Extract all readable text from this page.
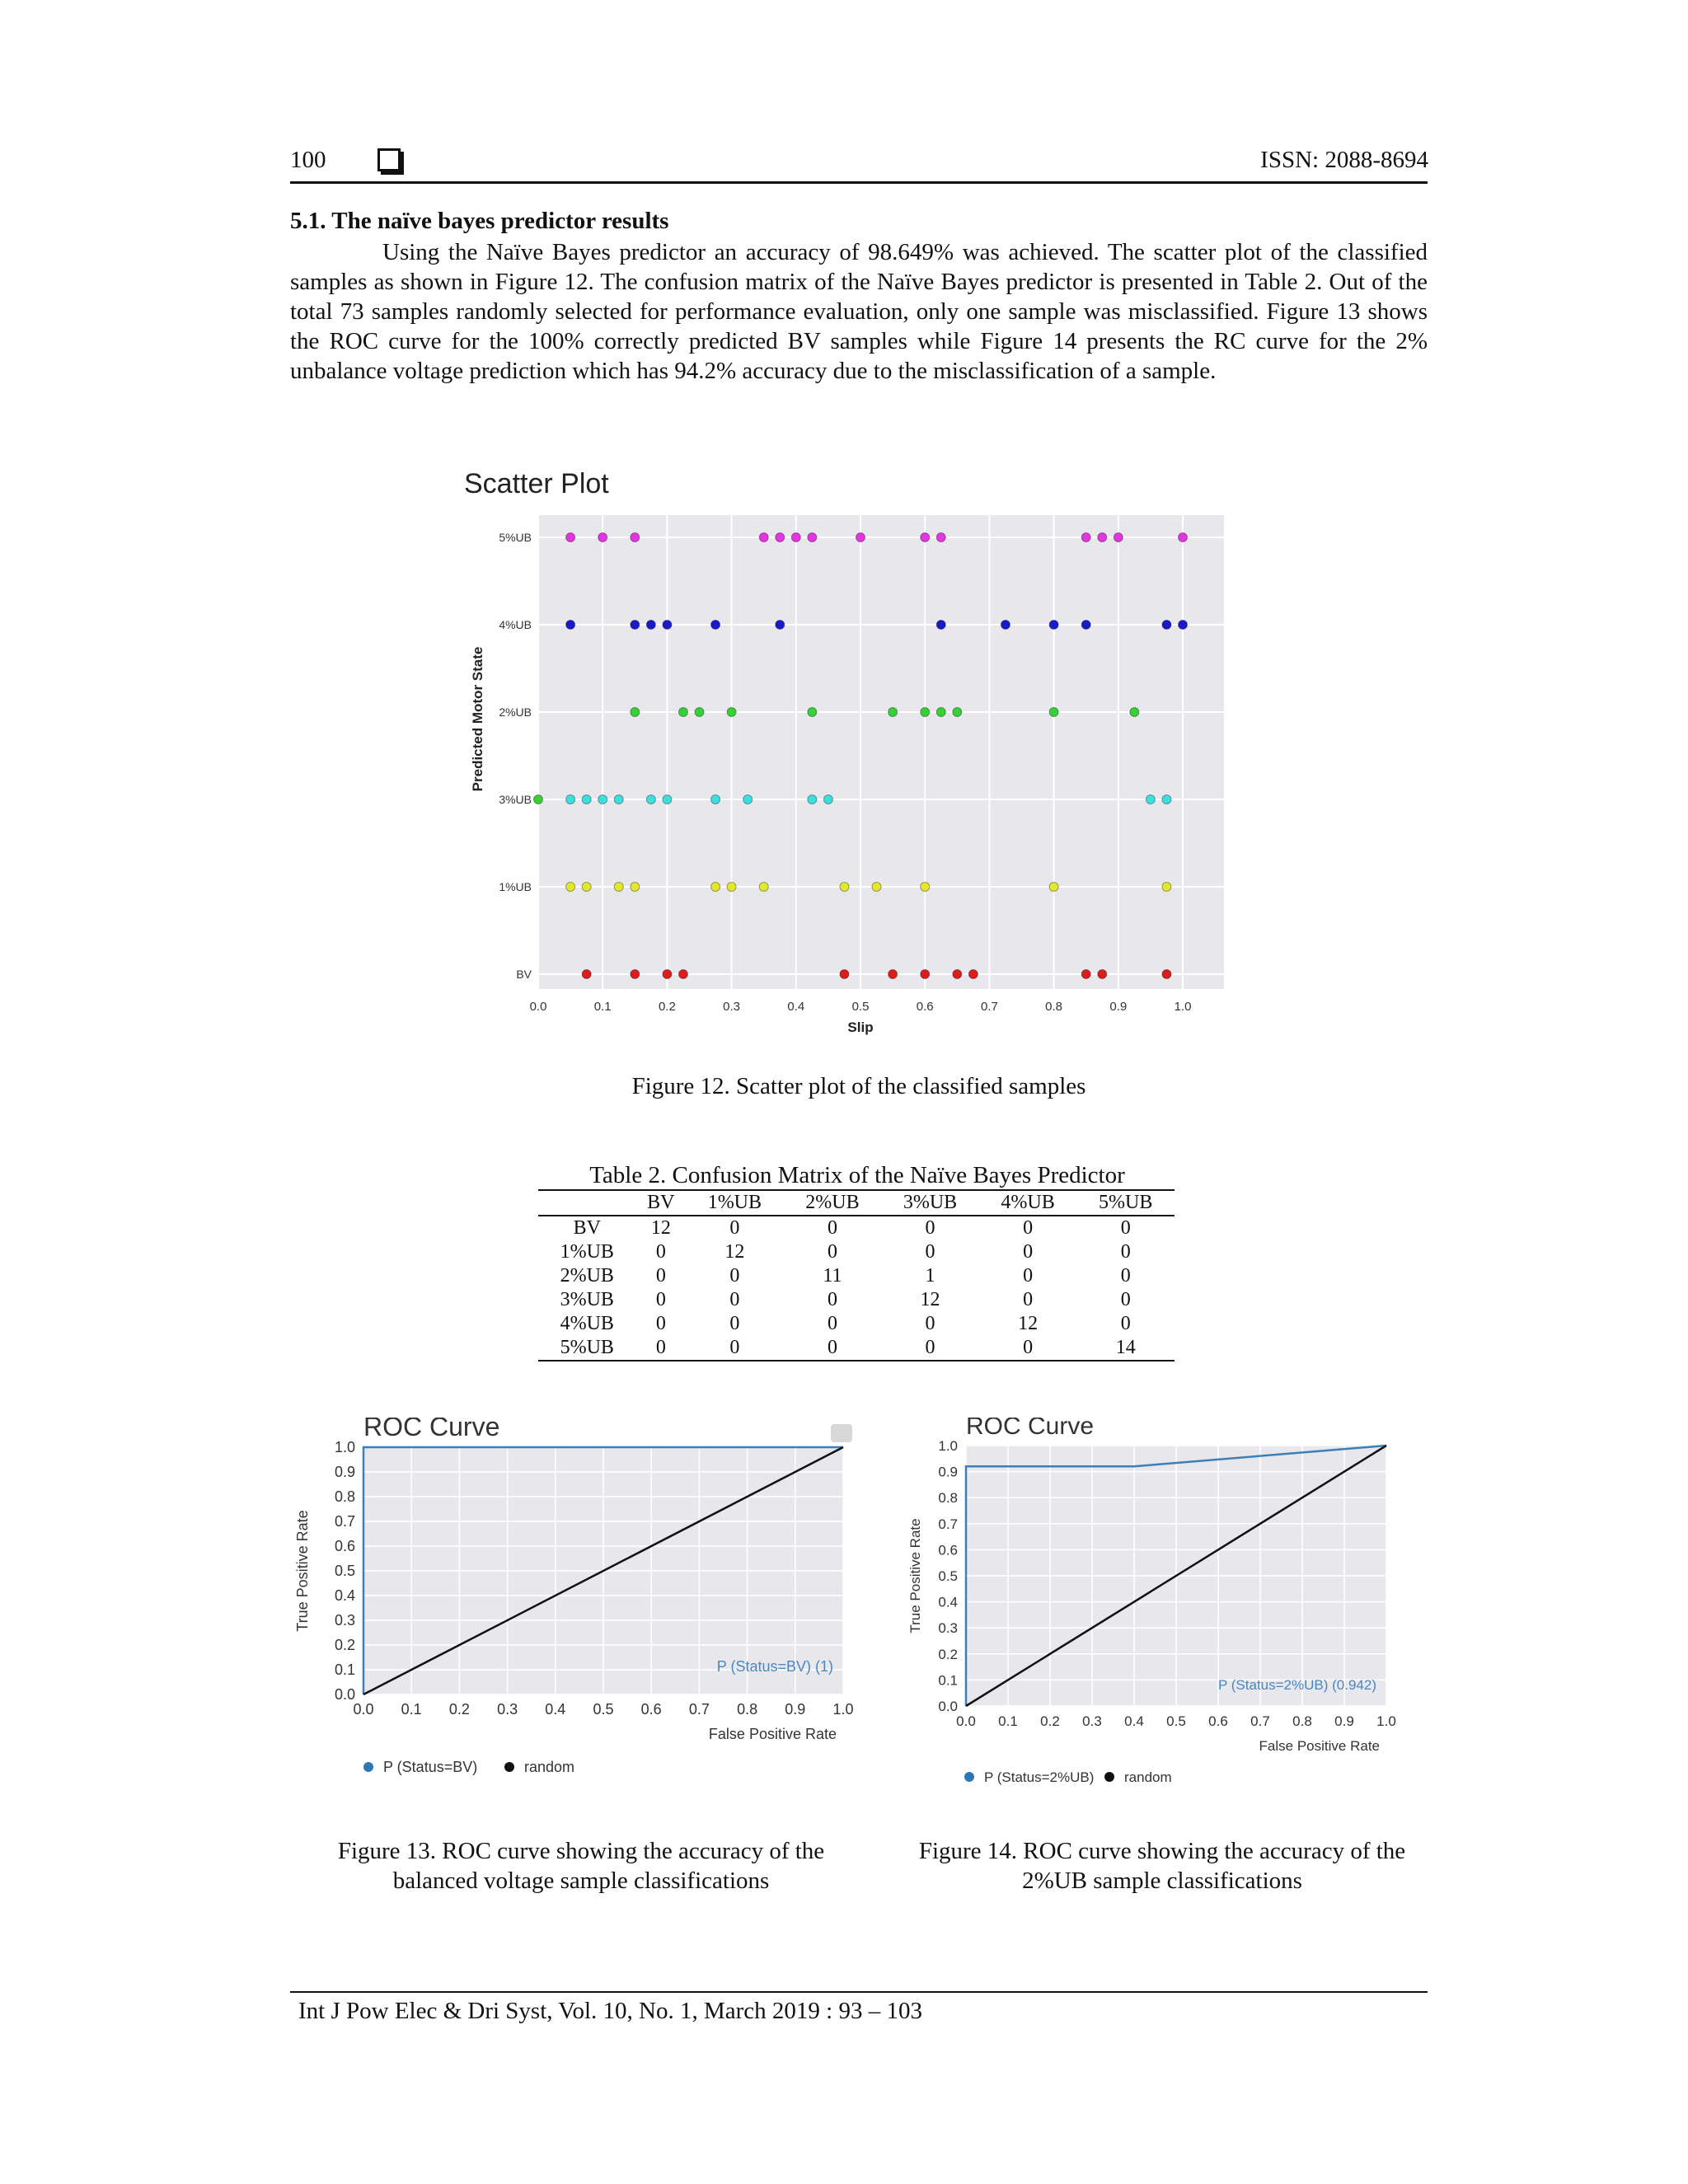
100	ISSN: 2088-8694
5.1. The naïve bayes predictor results
Using the Naïve Bayes predictor an accuracy of 98.649% was achieved. The scatter plot of the classified samples as shown in Figure 12. The confusion matrix of the Naïve Bayes predictor is presented in Table 2. Out of the total 73 samples randomly selected for performance evaluation, only one sample was misclassified. Figure 13 shows the ROC curve for the 100% correctly predicted BV samples while Figure 14 presents the RC curve for the 2% unbalance voltage prediction which has 94.2% accuracy due to the misclassification of a sample.
Scatter Plot
0.0	0.1	0.2	0.3	0.4	0.5	0.6	0.7	0.8	0.9	1.0
5%UB
4%UB
2%UB
3%UB
1%UB
BV
Slip
Predicted Motor State
Figure 12. Scatter plot of the classified samples
Table 2. Confusion Matrix of the Naïve Bayes Predictor
	BV	1%UB	2%UB	3%UB	4%UB	5%UB
BV	12	0	0	0	0	0
1%UB	0	12	0	0	0	0
2%UB	0	0	11	1	0	0
3%UB	0	0	0	12	0	0
4%UB	0	0	0	0	12	0
5%UB	0	0	0	0	0	14
ROC Curve
0.0
0.0
0.1
0.1
0.2
0.2
0.3
0.3
0.4
0.4
0.5
0.5
0.6
0.6
0.7
0.7
0.8
0.8
0.9
0.9
1.0
1.0
False Positive Rate
True Positive Rate
P (Status=BV) (1)
P (Status=BV)	random
ROC Curve
0.0
0.0
0.1
0.1
0.2
0.2
0.3
0.3
0.4
0.4
0.5
0.5
0.6
0.6
0.7
0.7
0.8
0.8
0.9
0.9
1.0
1.0
False Positive Rate
True Positive Rate
P (Status=2%UB) (0.942)
P (Status=2%UB) random
Figure 13. ROC curve showing the accuracy of the balanced voltage sample classifications
Figure 14. ROC curve showing the accuracy of the 2%UB sample classifications
Int J Pow Elec & Dri Syst, Vol. 10, No. 1, March 2019 : 93 – 103
